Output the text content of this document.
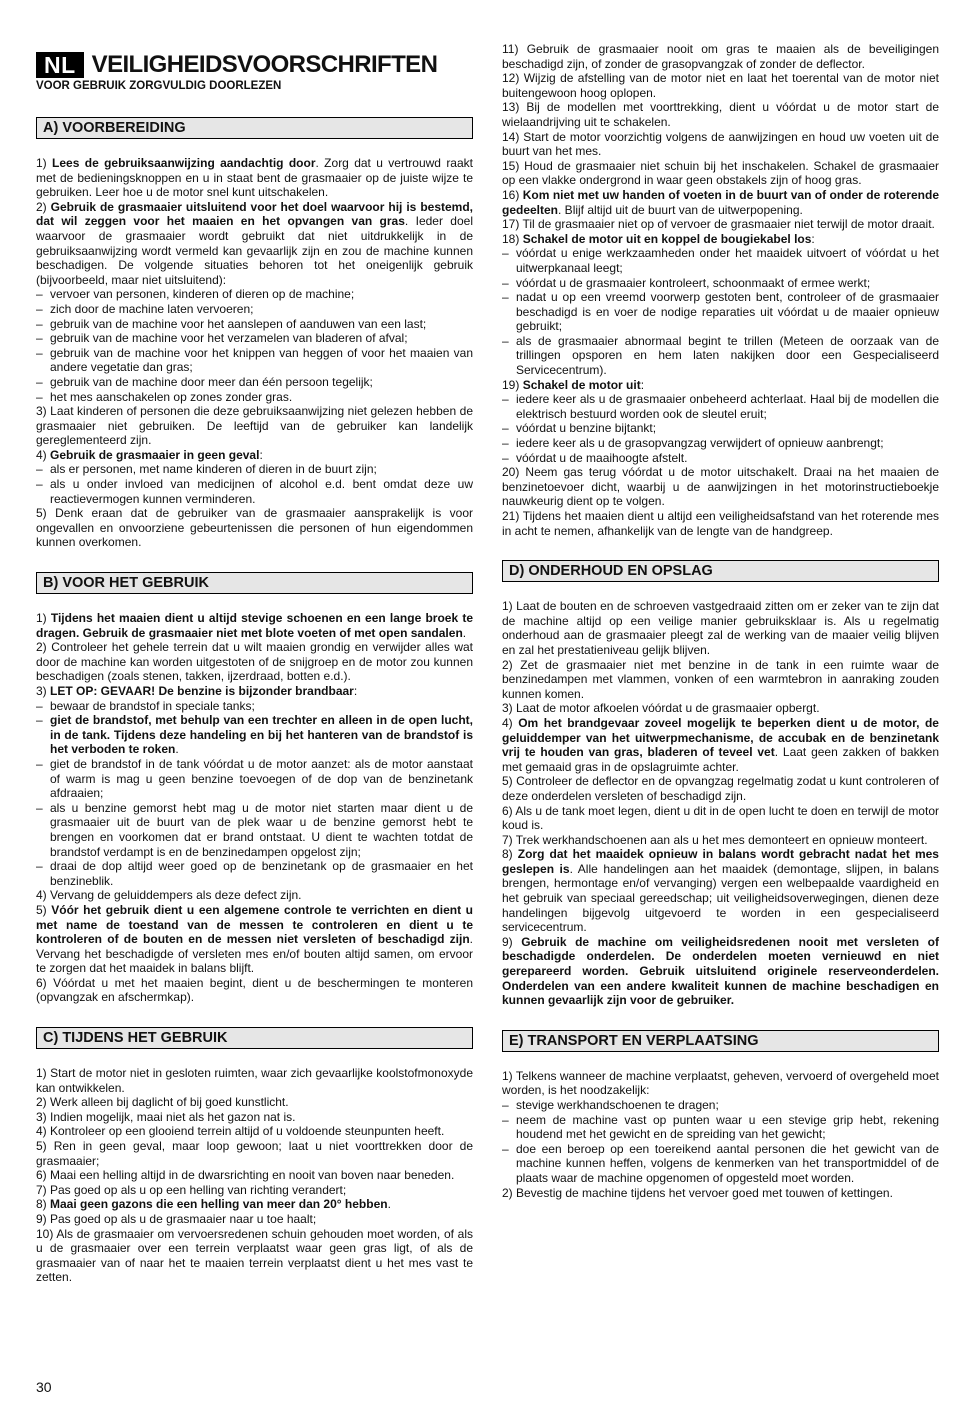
NL VEILIGHEIDSVOORSCHRIFTEN
VOOR GEBRUIK ZORGVULDIG DOORLEZEN
A) VOORBEREIDING

1) Lees de gebruiksaanwijzing aandachtig door. Zorg dat u vertrouwd raakt met de bedieningsknoppen en u in staat bent de grasmaaier op de juiste wijze te gebruiken. Leer hoe u de motor snel kunt uitschakelen.

2) Gebruik de grasmaaier uitsluitend voor het doel waarvoor hij is bestemd, dat wil zeggen voor het maaien en het opvangen van gras. Ieder doel waarvoor de grasmaaier wordt gebruikt dat niet uitdrukkelijk in de gebruiksaanwijzing wordt vermeld kan gevaarlijk zijn en zou de machine kunnen beschadigen. De volgende situaties behoren tot het oneigenlijk gebruik (bijvoorbeeld, maar niet uitsluitend):

– vervoer van personen, kinderen of dieren op de machine;
– zich door de machine laten vervoeren;
– gebruik van de machine voor het aanslepen of aanduwen van een last;
– gebruik van de machine voor het verzamelen van bladeren of afval;
– gebruik van de machine voor het knippen van heggen of voor het maaien van andere vegetatie dan gras;
– gebruik van de machine door meer dan één persoon tegelijk;
– het mes aanschakelen op zones zonder gras.

3) Laat kinderen of personen die deze gebruiksaanwijzing niet gelezen hebben de grasmaaier niet gebruiken. De leeftijd van de gebruiker kan landelijk gereglementeerd zijn.

4) Gebruik de grasmaaier in geen geval:

– als er personen, met name kinderen of dieren in de buurt zijn;
– als u onder invloed van medicijnen of alcohol e.d. bent omdat deze uw reactievermogen kunnen verminderen.

5) Denk eraan dat de gebruiker van de grasmaaier aansprakelijk is voor ongevallen en onvoorziene gebeurtenissen die personen of hun eigendommen kunnen overkomen.

B) VOOR HET GEBRUIK

1) Tijdens het maaien dient u altijd stevige schoenen en een lange broek te dragen. Gebruik de grasmaaier niet met blote voeten of met open sandalen.

2) Controleer het gehele terrein dat u wilt maaien grondig en verwijder alles wat door de machine kan worden uitgestoten of de snijgroep en de motor zou kunnen beschadigen (zoals stenen, takken, ijzerdraad, botten e.d.).

3) LET OP: GEVAAR! De benzine is bijzonder brandbaar:

– bewaar de brandstof in speciale tanks;
– giet de brandstof, met behulp van een trechter en alleen in de open lucht, in de tank. Tijdens deze handeling en bij het hanteren van de brandstof is het verboden te roken.
– giet de brandstof in de tank vóórdat u de motor aanzet: als de motor aanstaat of warm is mag u geen benzine toevoegen of de dop van de benzinetank afdraaien;
– als u benzine gemorst hebt mag u de motor niet starten maar dient u de grasmaaier uit de buurt van de plek waar u de benzine gemorst hebt te brengen en voorkomen dat er brand ontstaat. U dient te wachten totdat de brandstof verdampt is en de benzinedampen opgelost zijn;
– draai de dop altijd weer goed op de benzinetank op de grasmaaier en het benzineblik.

4) Vervang de geluiddempers als deze defect zijn.

5) Vóór het gebruik dient u een algemene controle te verrichten en dient u met name de toestand van de messen te controleren en dient u te kontroleren of de bouten en de messen niet versleten of beschadigd zijn. Vervang het beschadigde of versleten mes en/of bouten altijd samen, om ervoor te zorgen dat het maaidek in balans blijft.

6) Vóórdat u met het maaien begint, dient u de beschermingen te monteren (opvangzak en afschermkap).

C) TIJDENS HET GEBRUIK

1) Start de motor niet in gesloten ruimten, waar zich gevaarlijke koolstofmonoxyde kan ontwikkelen.

2) Werk alleen bij daglicht of bij goed kunstlicht.

3) Indien mogelijk, maai niet als het gazon nat is.

4) Kontroleer op een glooiend terrein altijd of u voldoende steunpunten heeft.

5) Ren in geen geval, maar loop gewoon; laat u niet voorttrekken door de grasmaaier;

6) Maai een helling altijd in de dwarsrichting en nooit van boven naar beneden.

7) Pas goed op als u op een helling van richting verandert;

8) Maai geen gazons die een helling van meer dan 20° hebben.

9) Pas goed op als u de grasmaaier naar u toe haalt;

10) Als de grasmaaier om vervoersredenen schuin gehouden moet worden, of als u de grasmaaier over een terrein verplaatst waar geen gras ligt, of als de grasmaaier van of naar het te maaien terrein verplaatst dient u het mes vast te zetten.

11) Gebruik de grasmaaier nooit om gras te maaien als de beveiligingen beschadigd zijn, of zonder de grasopvangzak of zonder de deflector.

12) Wijzig de afstelling van de motor niet en laat het toerental van de motor niet buitengewoon hoog oplopen.

13) Bij de modellen met voorttrekking, dient u vóórdat u de motor start de wielaandrijving uit te schakelen.

14) Start de motor voorzichtig volgens de aanwijzingen en houd uw voeten uit de buurt van het mes.

15) Houd de grasmaaier niet schuin bij het inschakelen. Schakel de grasmaaier op een vlakke ondergrond in waar geen obstakels zijn of hoog gras.

16) Kom niet met uw handen of voeten in de buurt van of onder de roterende gedeelten. Blijf altijd uit de buurt van de uitwerpopening.

17) Til de grasmaaier niet op of vervoer de grasmaaier niet terwijl de motor draait.

18) Schakel de motor uit en koppel de bougiekabel los:

– vóórdat u enige werkzaamheden onder het maaidek uitvoert of vóórdat u het uitwerpkanaal leegt;
– vóórdat u de grasmaaier kontroleert, schoonmaakt of ermee werkt;
– nadat u op een vreemd voorwerp gestoten bent, controleer of de grasmaaier beschadigd is en voer de nodige reparaties uit vóórdat u de maaier opnieuw gebruikt;
– als de grasmaaier abnormaal begint te trillen (Meteen de oorzaak van de trillingen opsporen en hem laten nakijken door een Gespecialiseerd Servicecentrum).

19) Schakel de motor uit:

– iedere keer als u de grasmaaier onbeheerd achterlaat. Haal bij de modellen die elektrisch bestuurd worden ook de sleutel eruit;
– vóórdat u benzine bijtankt;
– iedere keer als u de grasopvangzag verwijdert of opnieuw aanbrengt;
– vóórdat u de maaihoogte afstelt.

20) Neem gas terug vóórdat u de motor uitschakelt. Draai na het maaien de benzinetoevoer dicht, waarbij u de aanwijzingen in het motorinstructieboekje nauwkeurig dient op te volgen.

21) Tijdens het maaien dient u altijd een veiligheidsafstand van het roterende mes in acht te nemen, afhankelijk van de lengte van de handgreep.

D) ONDERHOUD EN OPSLAG

1) Laat de bouten en de schroeven vastgedraaid zitten om er zeker van te zijn dat de machine altijd op een veilige manier gebruiksklaar is. Als u regelmatig onderhoud aan de grasmaaier pleegt zal de werking van de maaier veilig blijven en zal het prestatieniveau gelijk blijven.

2) Zet de grasmaaier niet met benzine in de tank in een ruimte waar de benzinedampen met vlammen, vonken of een warmtebron in aanraking zouden kunnen komen.

3) Laat de motor afkoelen vóórdat u de grasmaaier opbergt.

4) Om het brandgevaar zoveel mogelijk te beperken dient u de motor, de geluiddemper van het uitwerpmechanisme, de accubak en de benzinetank vrij te houden van gras, bladeren of teveel vet. Laat geen zakken of bakken met gemaaid gras in de opslagruimte achter.

5) Controleer de deflector en de opvangzag regelmatig zodat u kunt controleren of deze onderdelen versleten of beschadigd zijn.

6) Als u de tank moet legen, dient u dit in de open lucht te doen en terwijl de motor koud is.

7) Trek werkhandschoenen aan als u het mes demonteert en opnieuw monteert.

8) Zorg dat het maaidek opnieuw in balans wordt gebracht nadat het mes geslepen is. Alle handelingen aan het maaidek (demontage, slijpen, in balans brengen, hermontage en/of vervanging) vergen een welbepaalde vaardigheid en het gebruik van speciaal gereedschap; uit veiligheidsoverwegingen, dienen deze handelingen bijgevolg uitgevoerd te worden in een gespecialiseerd servicecentrum.

9) Gebruik de machine om veiligheidsredenen nooit met versleten of beschadigde onderdelen. De onderdelen moeten vernieuwd en niet gerepareerd worden. Gebruik uitsluitend originele reserveonderdelen. Onderdelen van een andere kwaliteit kunnen de machine beschadigen en kunnen gevaarlijk zijn voor de gebruiker.

E) TRANSPORT EN VERPLAATSING

1) Telkens wanneer de machine verplaatst, geheven, vervoerd of overgeheld moet worden, is het noodzakelijk:

– stevige werkhandschoenen te dragen;
– neem de machine vast op punten waar u een stevige grip hebt, rekening houdend met het gewicht en de spreiding van het gewicht;
– doe een beroep op een toereikend aantal personen die het gewicht van de machine kunnen heffen, volgens de kenmerken van het transportmiddel of de plaats waar de machine opgenomen of opgesteld moet worden.

2) Bevestig de machine tijdens het vervoer goed met touwen of kettingen.

30
